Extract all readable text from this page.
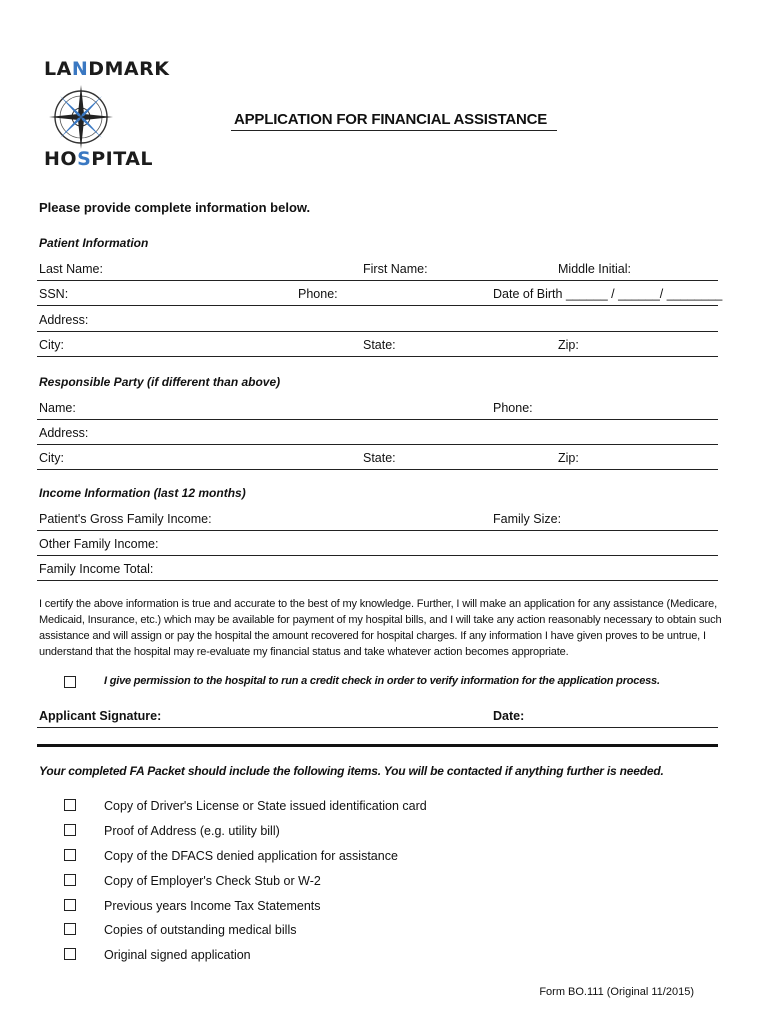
LANDMARK
HOSPITAL
APPLICATION FOR FINANCIAL ASSISTANCE
Please provide complete information below.
Patient Information
Last Name:	First Name:	Middle Initial:
SSN:	Phone:	Date of Birth ______ / ______/ ________
Address:
City:	State:	Zip:
Responsible Party (if different than above)
Name:	Phone:
Address:
City:	State:	Zip:
Income Information (last 12 months)
Patient's Gross Family Income:	Family Size:
Other Family Income:
Family Income Total:
I certify the above information is true and accurate to the best of my knowledge. Further, I will make an application for any assistance (Medicare,
Medicaid, Insurance, etc.) which may be available for payment of my hospital bills, and I will take any action reasonably necessary to obtain such
assistance and will assign or pay the hospital the amount recovered for hospital charges. If any information I have given proves to be untrue, I
understand that the hospital may re-evaluate my financial status and take whatever action becomes appropriate.
I give permission to the hospital to run a credit check in order to verify information for the application process.
Applicant Signature:	Date:
Your completed FA Packet should include the following items. You will be contacted if anything further is needed.
Copy of Driver's License or State issued identification card
Proof of Address (e.g. utility bill)
Copy of the DFACS denied application for assistance
Copy of Employer's Check Stub or W-2
Previous years Income Tax Statements
Copies of outstanding medical bills
Original signed application
Form BO.111 (Original 11/2015)
